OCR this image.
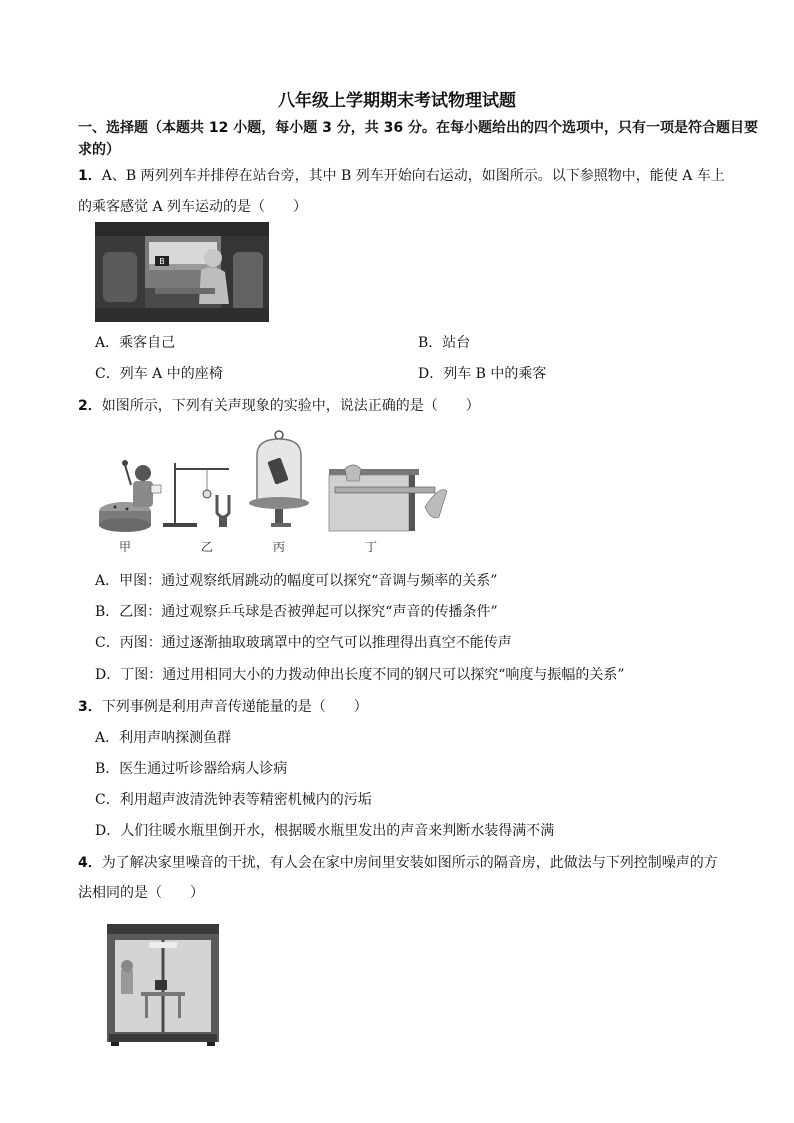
八年级上学期期末考试物理试题
一、选择题（本题共 12 小题，每小题 3 分，共 36 分。在每小题给出的四个选项中，只有一项是符合题目要求的）
1．A、B 两列列车并排停在站台旁，其中 B 列车开始向右运动，如图所示。以下参照物中，能使 A 车上
的乘客感觉 A 列车运动的是（　　）
B
A．乘客自己	B．站台
C．列车 A 中的座椅	D．列车 B 中的乘客
2．如图所示，下列有关声现象的实验中，说法正确的是（　　）
甲	乙	丙	丁
A．甲图：通过观察纸屑跳动的幅度可以探究“音调与频率的关系”
B．乙图：通过观察乒乓球是否被弹起可以探究“声音的传播条件”
C．丙图：通过逐渐抽取玻璃罩中的空气可以推理得出真空不能传声
D．丁图：通过用相同大小的力拨动伸出长度不同的钢尺可以探究“响度与振幅的关系”
3．下列事例是利用声音传递能量的是（　　）
A．利用声呐探测鱼群
B．医生通过听诊器给病人诊病
C．利用超声波清洗钟表等精密机械内的污垢
D．人们往暖水瓶里倒开水，根据暖水瓶里发出的声音来判断水装得满不满
4．为了解决家里噪音的干扰，有人会在家中房间里安装如图所示的隔音房，此做法与下列控制噪声的方
法相同的是（　　）
